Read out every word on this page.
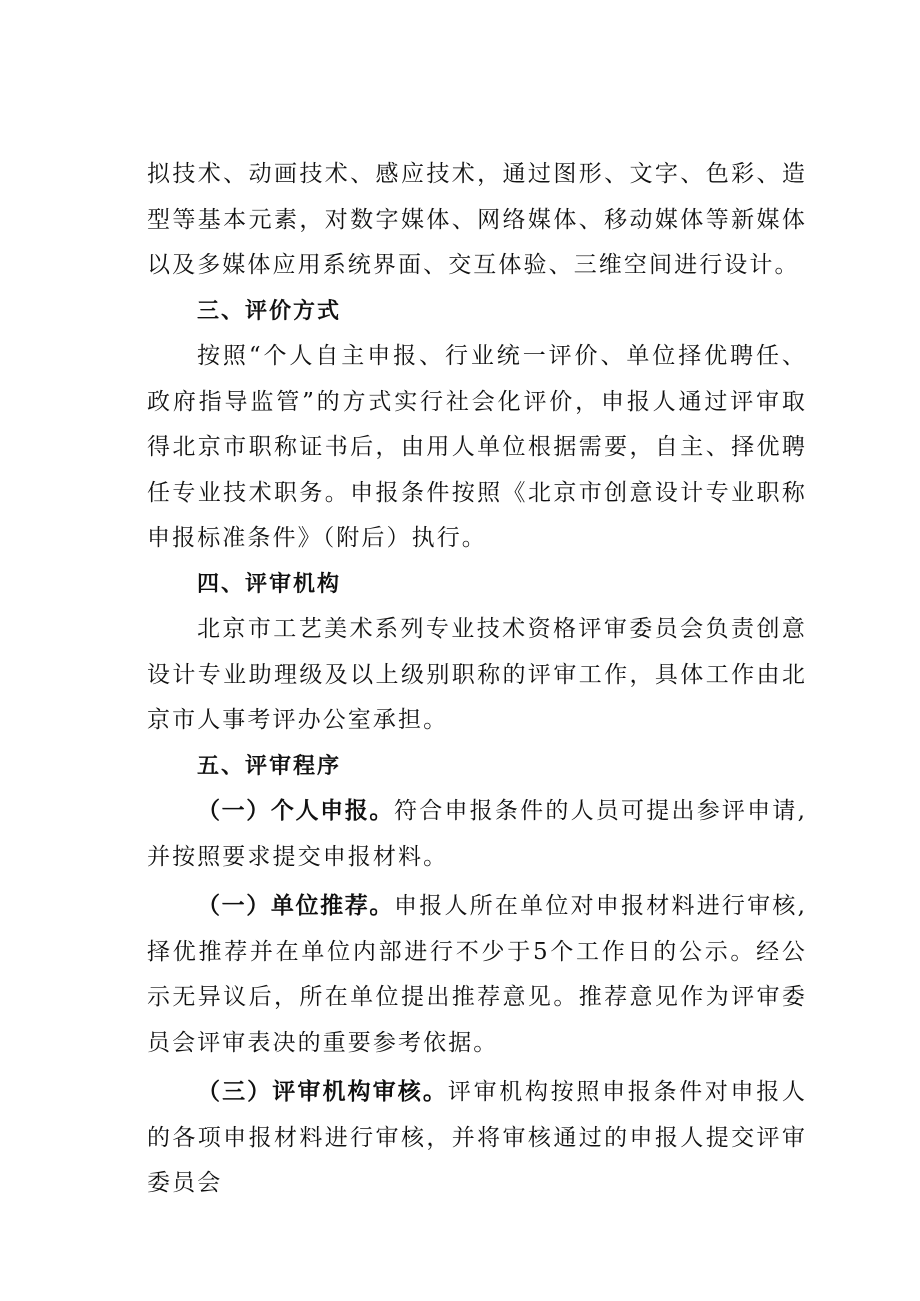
拟技术、动画技术、感应技术，通过图形、文字、色彩、造型等基本元素，对数字媒体、网络媒体、移动媒体等新媒体以及多媒体应用系统界面、交互体验、三维空间进行设计。

三、评价方式

按照“个人自主申报、行业统一评价、单位择优聘任、政府指导监管”的方式实行社会化评价，申报人通过评审取得北京市职称证书后，由用人单位根据需要，自主、择优聘任专业技术职务。申报条件按照《北京市创意设计专业职称申报标准条件》（附后）执行。

四、评审机构

北京市工艺美术系列专业技术资格评审委员会负责创意设计专业助理级及以上级别职称的评审工作，具体工作由北京市人事考评办公室承担。

五、评审程序

（一）个人申报。符合申报条件的人员可提出参评申请,并按照要求提交申报材料。

（一）单位推荐。申报人所在单位对申报材料进行审核,择优推荐并在单位内部进行不少于5个工作日的公示。经公示无异议后，所在单位提出推荐意见。推荐意见作为评审委员会评审表决的重要参考依据。

（三）评审机构审核。评审机构按照申报条件对申报人的各项申报材料进行审核，并将审核通过的申报人提交评审委员会
